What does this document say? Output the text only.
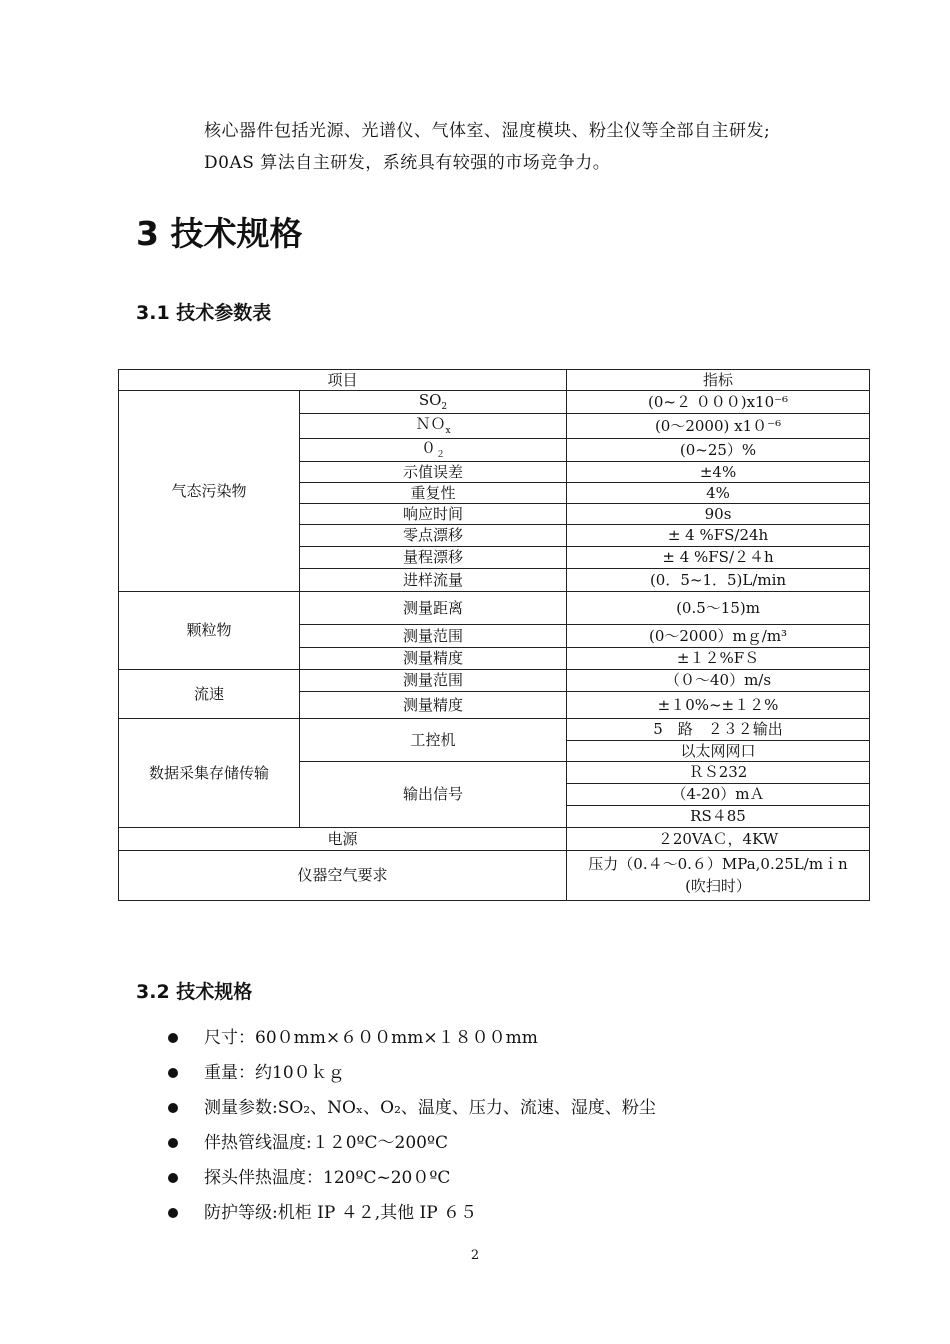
核心器件包括光源、光谱仪、气体室、湿度模块、粉尘仪等全部自主研发;
D0AS 算法自主研发，系统具有较强的市场竞争力。
3 技术规格
3.1 技术参数表
项目		指标
气态污染物	$SO_2$	(0~２ ０００)x10⁻⁶
	ＮＯ$_x$	(0～2000) x1０⁻⁶
	$0_2$	(0~25）%
	示值误差	±4%
	重复性	4%
	响应时间	90s
	零点漂移	± 4 %FS/24h
	量程漂移	± 4 %FS/２４h
	进样流量	(0．5~1．5)L/min
颗粒物	测量距离	(0.5～15)m
	测量范围	(0～2000）mｇ/m³
	测量精度	±１２%FＳ
流速	测量范围	（０～40）m/s
	测量精度	±１0%~±１２%
数据采集存储传输	工控机	5　路　２３２输出
		以太网网口
	输出信号	ＲＳ232
		（4-20）mＡ
		RS４85
电源		２20VAＣ，4KW
仪器空气要求		压力（0.４～0.６）MPa,0.25L/mｉn
(吹扫时）
3.2 技术规格
尺寸：60０mm×６００mm×１８００mm
重量：约10０ｋｇ
测量参数:SO₂、NOₓ、O₂、温度、压力、流速、湿度、粉尘
伴热管线温度:１２0ºC～200ºC
探头伴热温度：120ºC~20０ºC
防护等级:机柜 IP ４２,其他 IP ６５
2
